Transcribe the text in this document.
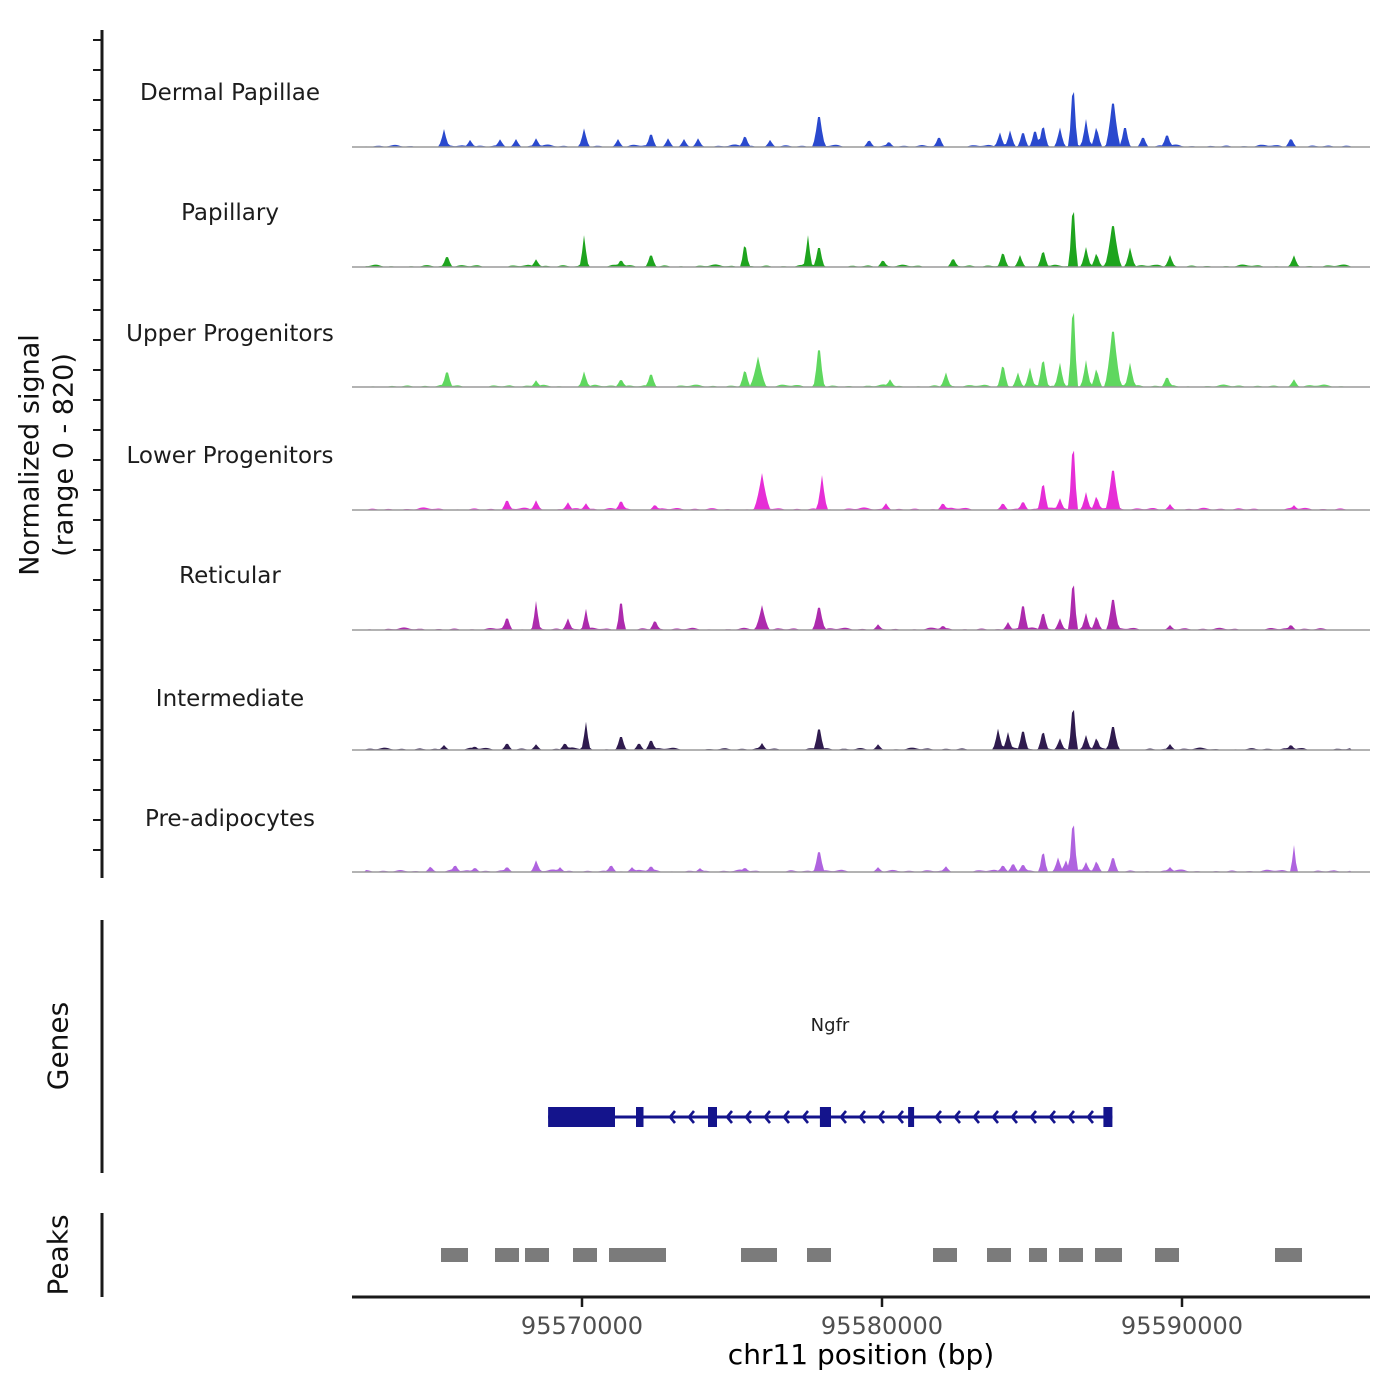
Normalized signal (range 0 - 820)
Dermal Papillae
Papillary
Upper Progenitors
Lower Progenitors
Reticular
Intermediate
Pre-adipocytes
Genes
Peaks
Ngfr
95570000	95580000	95590000
chr11 position (bp)
